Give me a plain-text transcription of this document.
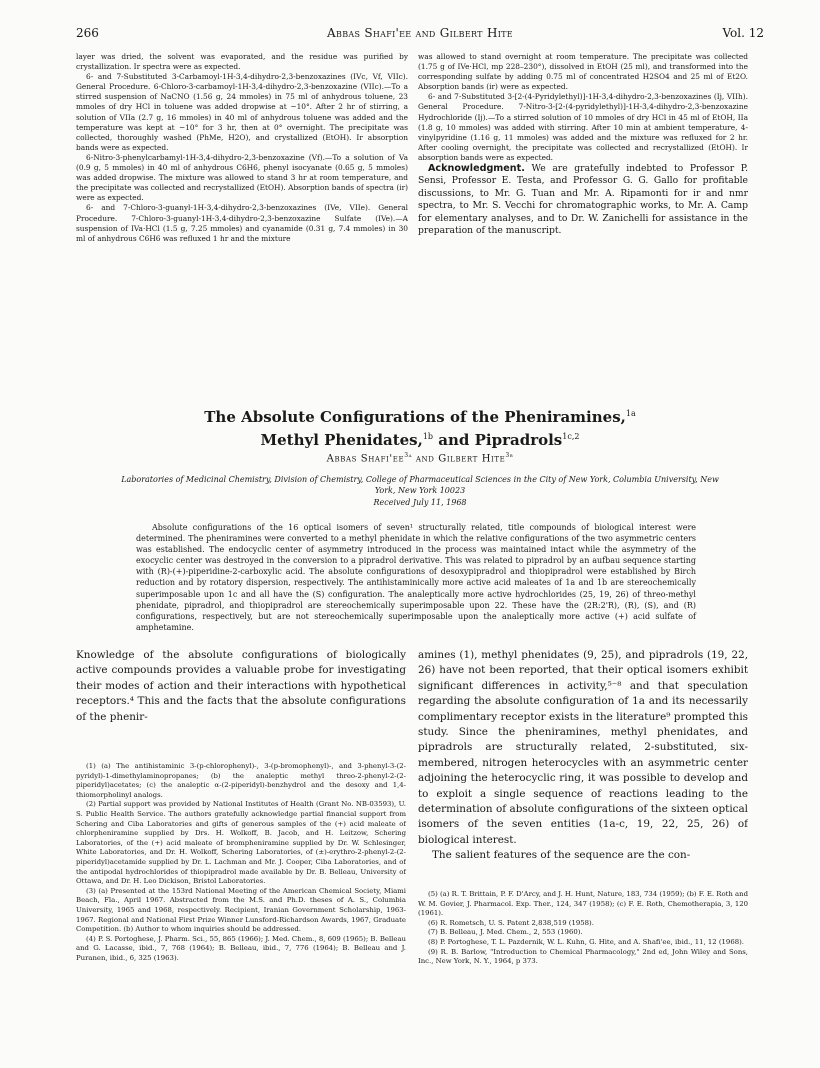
266	Abbas Shafi'ee and Gilbert Hite	Vol. 12

layer was dried, the solvent was evaporated, and the residue was purified by crystallization. Ir spectra were as expected.

6- and 7-Substituted 3-Carbamoyl-1H-3,4-dihydro-2,3-benzoxazines (IVc, Vf, VIIc). General Procedure. 6-Chloro-3-carbamoyl-1H-3,4-dihydro-2,3-benzoxazine (VIIc).—To a stirred suspension of NaCNO (1.56 g, 24 mmoles) in 75 ml of anhydrous toluene, 23 mmoles of dry HCl in toluene was added dropwise at −10°. After 2 hr of stirring, a solution of VIIa (2.7 g, 16 mmoles) in 40 ml of anhydrous toluene was added and the temperature was kept at −10° for 3 hr, then at 0° overnight. The precipitate was collected, thoroughly washed (PhMe, H2O), and crystallized (EtOH). Ir absorption bands were as expected.

6-Nitro-3-phenylcarbamyl-1H-3,4-dihydro-2,3-benzoxazine (Vf).—To a solution of Va (0.9 g, 5 mmoles) in 40 ml of anhydrous C6H6, phenyl isocyanate (0.65 g, 5 mmoles) was added dropwise. The mixture was allowed to stand 3 hr at room temperature, and the precipitate was collected and recrystallized (EtOH). Absorption bands of spectra (ir) were as expected.

6- and 7-Chloro-3-guanyl-1H-3,4-dihydro-2,3-benzoxazines (IVe, VIIe). General Procedure. 7-Chloro-3-guanyl-1H-3,4-dihydro-2,3-benzoxazine Sulfate (IVe).—A suspension of IVa·HCl (1.5 g, 7.25 mmoles) and cyanamide (0.31 g, 7.4 mmoles) in 30 ml of anhydrous C6H6 was refluxed 1 hr and the mixture

was allowed to stand overnight at room temperature. The precipitate was collected (1.75 g of IVe·HCl, mp 228–230°), dissolved in EtOH (25 ml), and transformed into the corresponding sulfate by adding 0.75 ml of concentrated H2SO4 and 25 ml of Et2O. Absorption bands (ir) were as expected.

6- and 7-Substituted 3-[2-(4-Pyridylethyl)]-1H-3,4-dihydro-2,3-benzoxazines (Ij, VIIh). General Procedure. 7-Nitro-3-[2-(4-pyridylethyl)]-1H-3,4-dihydro-2,3-benzoxazine Hydrochloride (Ij).—To a stirred solution of 10 mmoles of dry HCl in 45 ml of EtOH, IIa (1.8 g, 10 mmoles) was added with stirring. After 10 min at ambient temperature, 4-vinylpyridine (1.16 g, 11 mmoles) was added and the mixture was refluxed for 2 hr. After cooling overnight, the precipitate was collected and recrystallized (EtOH). Ir absorption bands were as expected.

Acknowledgment. We are gratefully indebted to Professor P. Sensi, Professor E. Testa, and Professor G. G. Gallo for profitable discussions, to Mr. G. Tuan and Mr. A. Ripamonti for ir and nmr spectra, to Mr. S. Vecchi for chromatographic works, to Mr. A. Camp for elementary analyses, and to Dr. W. Zanichelli for assistance in the preparation of the manuscript.

The Absolute Configurations of the Pheniramines,$^{1a}$
Methyl Phenidates,$^{1b}$ and Pipradrols$^{1c,2}$
Abbas $Shafi'ee^{3a}$ and Gilbert Hite$^{3b}$
Laboratories of Medicinal Chemistry, Division of Chemistry, College of Pharmaceutical Sciences in the City of New York, Columbia University, New York, New York 10023
Received July 11, 1968
Absolute configurations of the 16 optical isomers of seven¹ structurally related, title compounds of biological interest were determined. The pheniramines were converted to a methyl phenidate in which the relative configurations of the two asymmetric centers was established. The endocyclic center of asymmetry introduced in the process was maintained intact while the asymmetry of the exocyclic center was destroyed in the conversion to a pipradrol derivative. This was related to pipradrol by an aufbau sequence starting with (R)-(+)-piperidine-2-carboxylic acid. The absolute configurations of desoxypipradrol and thiopipradrol were established by Birch reduction and by rotatory dispersion, respectively. The antihistaminically more active acid maleates of 1a and 1b are stereochemically superimposable upon 1c and all have the (S) configuration. The analeptically more active hydrochlorides (25, 19, 26) of threo-methyl phenidate, pipradrol, and thiopipradrol are stereochemically superimposable upon 22. These have the (2R:2'R), (R), (S), and (R) configurations, respectively, but are not stereochemically superimposable upon the analeptically more active (+) acid sulfate of amphetamine.

Knowledge of the absolute configurations of biologically active compounds provides a valuable probe for investigating their modes of action and their interactions with hypothetical receptors.⁴ This and the facts that the absolute configurations of the phenir-

amines (1), methyl phenidates (9, 25), and pipradrols (19, 22, 26) have not been reported, that their optical isomers exhibit significant differences in activity,⁵⁻⁸ and that speculation regarding the absolute configuration of 1a and its necessarily complimentary receptor exists in the literature⁹ prompted this study. Since the pheniramines, methyl phenidates, and pipradrols are structurally related, 2-substituted, six-membered, nitrogen heterocycles with an asymmetric center adjoining the heterocyclic ring, it was possible to develop and to exploit a single sequence of reactions leading to the determination of absolute configurations of the sixteen optical isomers of the seven entities (1a-c, 19, 22, 25, 26) of biological interest.

The salient features of the sequence are the con-

(1) (a) The antihistaminic 3-(p-chlorophenyl)-, 3-(p-bromophenyl)-, and 3-phenyl-3-(2-pyridyl)-1-dimethylaminopropanes; (b) the analeptic methyl threo-2-phenyl-2-(2-piperidyl)acetates; (c) the analeptic α-(2-piperidyl)-benzhydrol and the desoxy and 1,4-thiomorpholinyl analogs.

(2) Partial support was provided by National Institutes of Health (Grant No. NB-03593), U. S. Public Health Service. The authors gratefully acknowledge partial financial support from Schering and Ciba Laboratories and gifts of generous samples of the (+) acid maleate of chlorpheniramine supplied by Drs. H. Wolkoff, B. Jacob, and H. Leitzow, Schering Laboratories, of the (+) acid maleate of brompheniramine supplied by Dr. W. Schlesinger, White Laboratories, and Dr. H. Wolkoff, Schering Laboratories, of (±)-erythro-2-phenyl-2-(2-piperidyl)acetamide supplied by Dr. L. Lachman and Mr. J. Cooper, Ciba Laboratories, and of the antipodal hydrochlorides of thiopipradrol made available by Dr. B. Belleau, University of Ottawa, and Dr. H. Leo Dickison, Bristol Laboratories.

(3) (a) Presented at the 153rd National Meeting of the American Chemical Society, Miami Beach, Fla., April 1967. Abstracted from the M.S. and Ph.D. theses of A. S., Columbia University, 1965 and 1968, respectively. Recipient, Iranian Government Scholarship, 1963-1967. Regional and National First Prize Winner Lunsford-Richardson Awards, 1967, Graduate Competition. (b) Author to whom inquiries should be addressed.

(4) P. S. Portoghese, J. Pharm. Sci., 55, 865 (1966); J. Med. Chem., 8, 609 (1965); B. Belleau and G. Lacasse, ibid., 7, 768 (1964); B. Belleau, ibid., 7, 776 (1964); B. Belleau and J. Puranen, ibid., 6, 325 (1963).

(5) (a) R. T. Brittain, P. F. D'Arcy, and J. H. Hunt, Nature, 183, 734 (1959); (b) F. E. Roth and W. M. Govier, J. Pharmacol. Exp. Ther., 124, 347 (1958); (c) F. E. Roth, Chemotherapia, 3, 120 (1961).

(6) R. Rometsch, U. S. Patent 2,838,519 (1958).

(7) B. Belleau, J. Med. Chem., 2, 553 (1960).

(8) P. Portoghese, T. L. Pazdernik, W. L. Kuhn, G. Hite, and A. Shafi'ee, ibid., 11, 12 (1968).

(9) R. B. Barlow, "Introduction to Chemical Pharmacology," 2nd ed, John Wiley and Sons, Inc., New York, N. Y., 1964, p 373.
